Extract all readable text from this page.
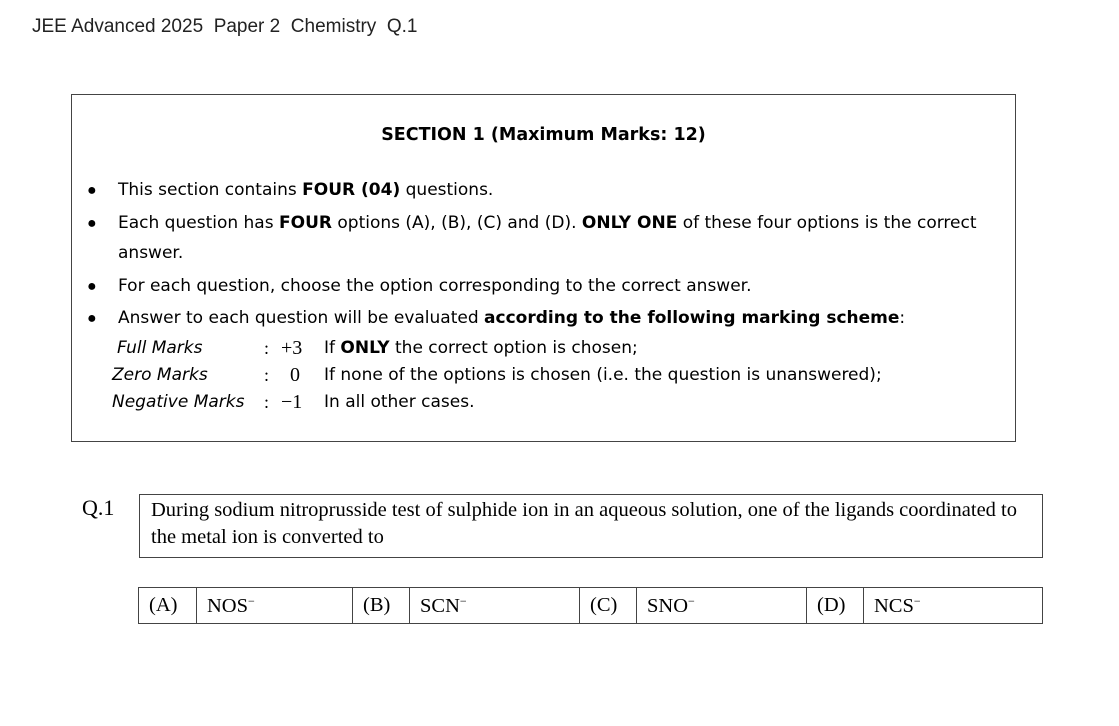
JEE Advanced 2025  Paper 2  Chemistry  Q.1
SECTION 1 (Maximum Marks: 12)
● This section contains FOUR (04) questions.
● Each question has FOUR options (A), (B), (C) and (D). ONLY ONE of these four options is the correct answer.
● For each question, choose the option corresponding to the correct answer.
● Answer to each question will be evaluated according to the following marking scheme:
Full Marks	: +3 If ONLY the correct option is chosen;
Zero Marks	: 0 If none of the options is chosen (i.e. the question is unanswered);
Negative Marks : −1 In all other cases.
Q.1	During sodium nitroprusside test of sulphide ion in an aqueous solution, one of the ligands coordinated to the metal ion is converted to
(A)	NOS−	(B)	SCN−	(C)	SNO−	(D)	NCS−
